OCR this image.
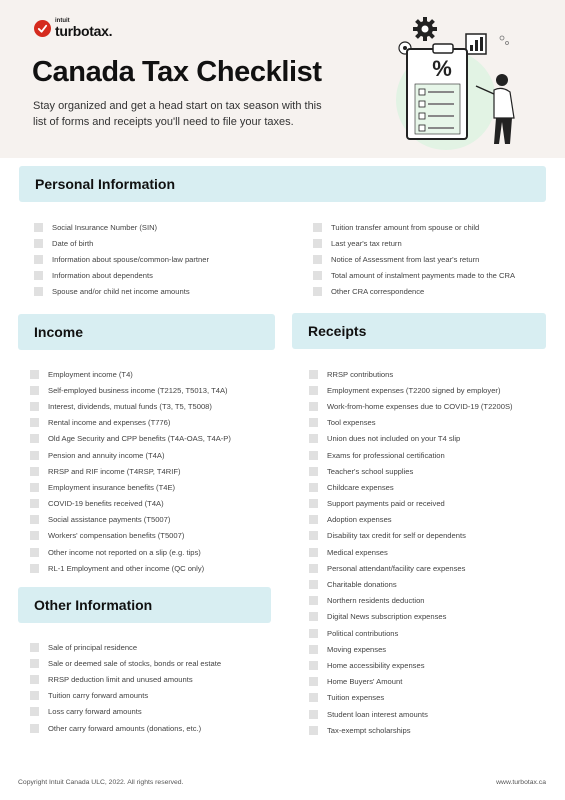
intuit
turbotax.
Canada Tax Checklist

Stay organized and get a head start on tax season with this list of forms and receipts you'll need to file your taxes.

%
Personal Information
Social Insurance Number (SIN)
Date of birth
Information about spouse/common-law partner
Information about dependents
Spouse and/or child net income amounts
Tuition transfer amount from spouse or child
Last year's tax return
Notice of Assessment from last year's return
Total amount of instalment payments made to the CRA
Other CRA correspondence
Income	Receipts
Employment income (T4)
Self-employed business income (T2125, T5013, T4A)
Interest, dividends, mutual funds (T3, T5, T5008)
Rental income and expenses (T776)
Old Age Security and CPP benefits (T4A-OAS, T4A-P)
Pension and annuity income (T4A)
RRSP and RIF income (T4RSP, T4RIF)
Employment insurance benefits (T4E)
COVID-19 benefits received (T4A)
Social assistance payments (T5007)
Workers' compensation benefits (T5007)
Other income not reported on a slip (e.g. tips)
RL-1 Employment and other income (QC only)
RRSP contributions
Employment expenses (T2200 signed by employer)
Work-from-home expenses due to COVID-19 (T2200S)
Tool expenses
Union dues not included on your T4 slip
Exams for professional certification
Teacher's school supplies
Childcare expenses
Support payments paid or received
Adoption expenses
Disability tax credit for self or dependents
Medical expenses
Personal attendant/facility care expenses
Charitable donations
Northern residents deduction
Digital News subscription expenses
Political contributions
Moving expenses
Home accessibility expenses
Home Buyers' Amount
Tuition expenses
Student loan interest amounts
Tax-exempt scholarships
Other Information
Sale of principal residence
Sale or deemed sale of stocks, bonds or real estate
RRSP deduction limit and unused amounts
Tuition carry forward amounts
Loss carry forward amounts
Other carry forward amounts (donations, etc.)
Copyright Intuit Canada ULC, 2022. All rights reserved.	www.turbotax.ca
